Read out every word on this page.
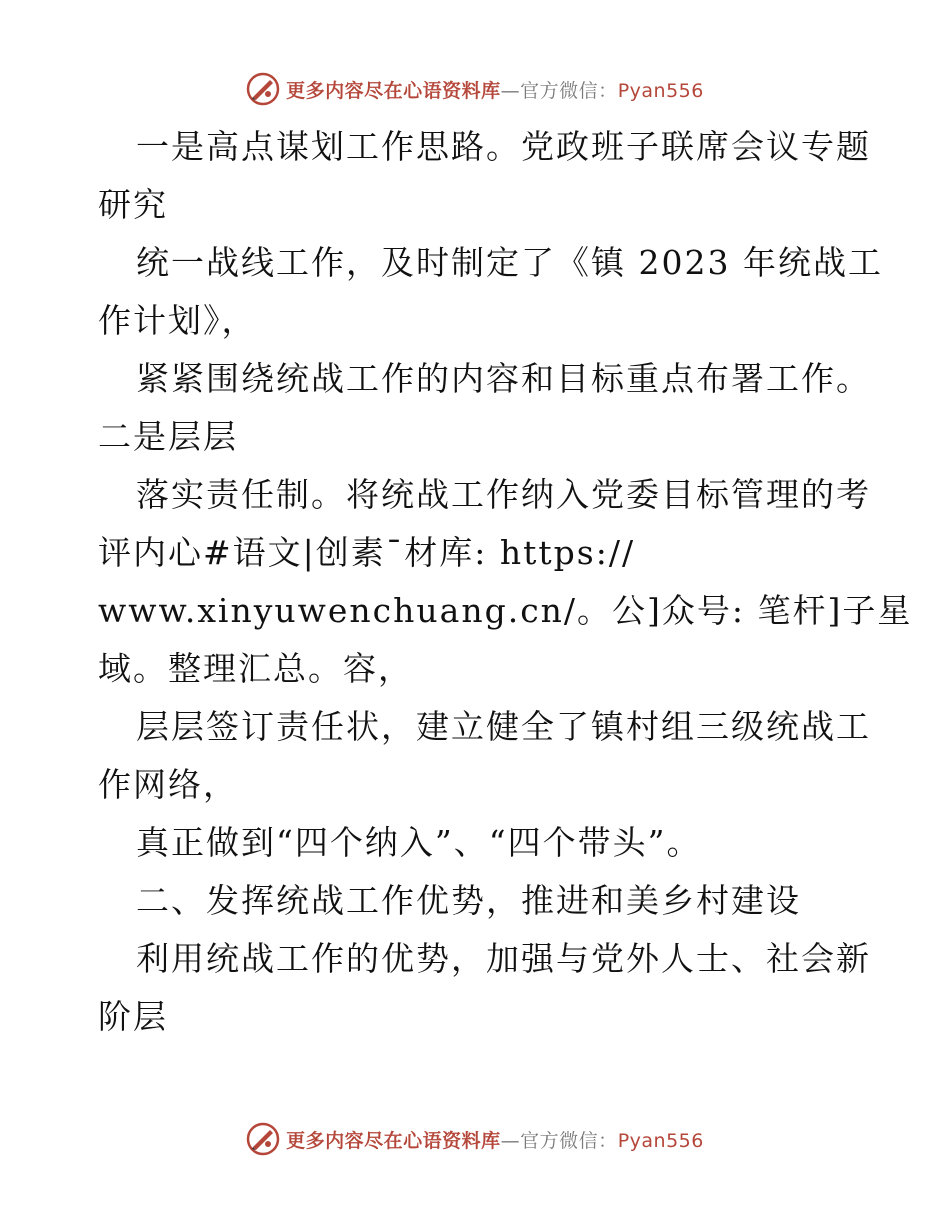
更多内容尽在心语资料库—官方微信：Pyan556
一是高点谋划工作思路。党政班子联席会议专题
研究
统一战线工作，及时制定了《镇 2023 年统战工
作计划》，
紧紧围绕统战工作的内容和目标重点布署工作。
二是层层
落实责任制。将统战工作纳入党委目标管理的考
评内心#语文|创素¯材库: https://
www.xinyuwenchuang.cn/。公]众号: 笔杆]子星
域。整理汇总。容，
层层签订责任状，建立健全了镇村组三级统战工
作网络，
真正做到“四个纳入”、“四个带头”。
二、发挥统战工作优势，推进和美乡村建设
利用统战工作的优势，加强与党外人士、社会新
阶层
更多内容尽在心语资料库—官方微信：Pyan556
